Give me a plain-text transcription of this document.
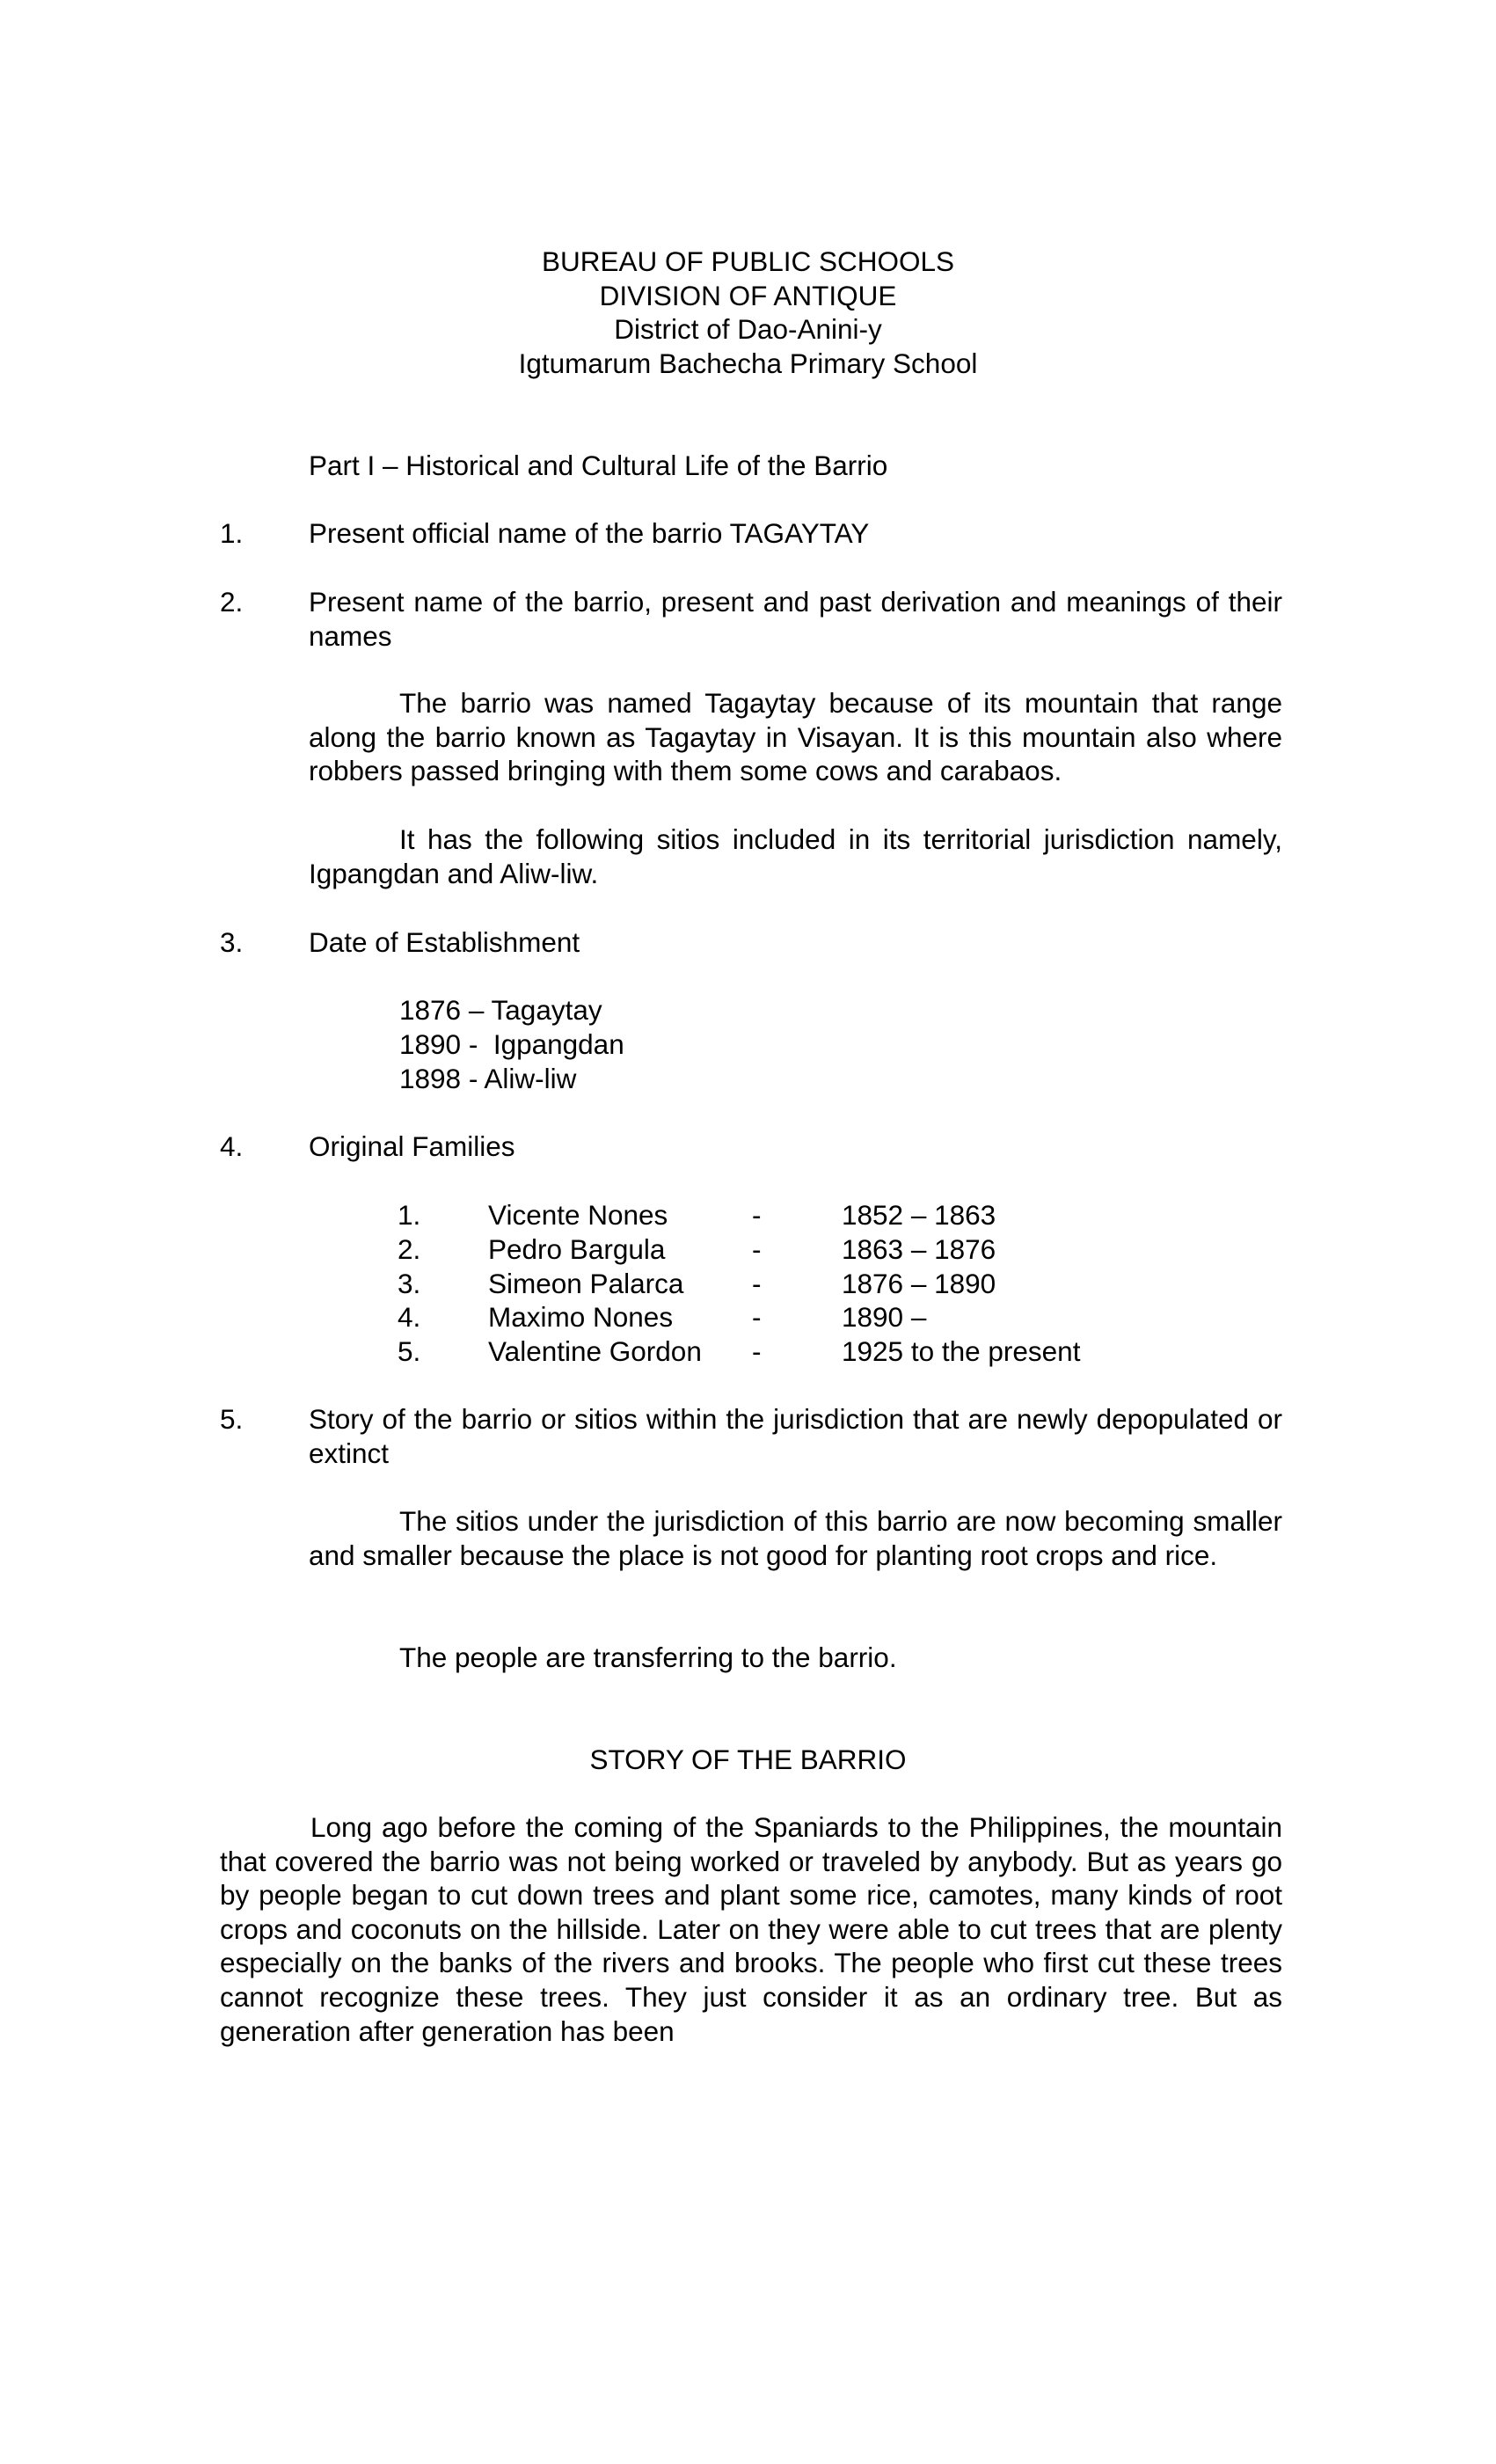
BUREAU OF PUBLIC SCHOOLS
DIVISION OF ANTIQUE
District of Dao-Anini-y
Igtumarum Bachecha Primary School
Part I – Historical and Cultural Life of the Barrio
1. Present official name of the barrio TAGAYTAY
2. Present name of the barrio, present and past derivation and meanings of their names
The barrio was named Tagaytay because of its mountain that range along the barrio known as Tagaytay in Visayan. It is this mountain also where robbers passed bringing with them some cows and carabaos.
It has the following sitios included in its territorial jurisdiction namely, Igpangdan and Aliw-liw.
3. Date of Establishment
1876 – Tagaytay
1890 -  Igpangdan
1898 - Aliw-liw
4. Original Families
1. Vicente Nones	-	1852 – 1863
2. Pedro Bargula	-	1863 – 1876
3. Simeon Palarca -	1876 – 1890
4. Maximo Nones	-	1890 –
5. Valentine Gordon -	1925 to the present
5. Story of the barrio or sitios within the jurisdiction that are newly depopulated or extinct
The sitios under the jurisdiction of this barrio are now becoming smaller and smaller because the place is not good for planting root crops and rice.
The people are transferring to the barrio.
STORY OF THE BARRIO
Long ago before the coming of the Spaniards to the Philippines, the mountain that covered the barrio was not being worked or traveled by anybody. But as years go by people began to cut down trees and plant some rice, camotes, many kinds of root crops and coconuts on the hillside. Later on they were able to cut trees that are plenty especially on the banks of the rivers and brooks. The people who first cut these trees cannot recognize these trees. They just consider it as an ordinary tree. But as generation after generation has been
